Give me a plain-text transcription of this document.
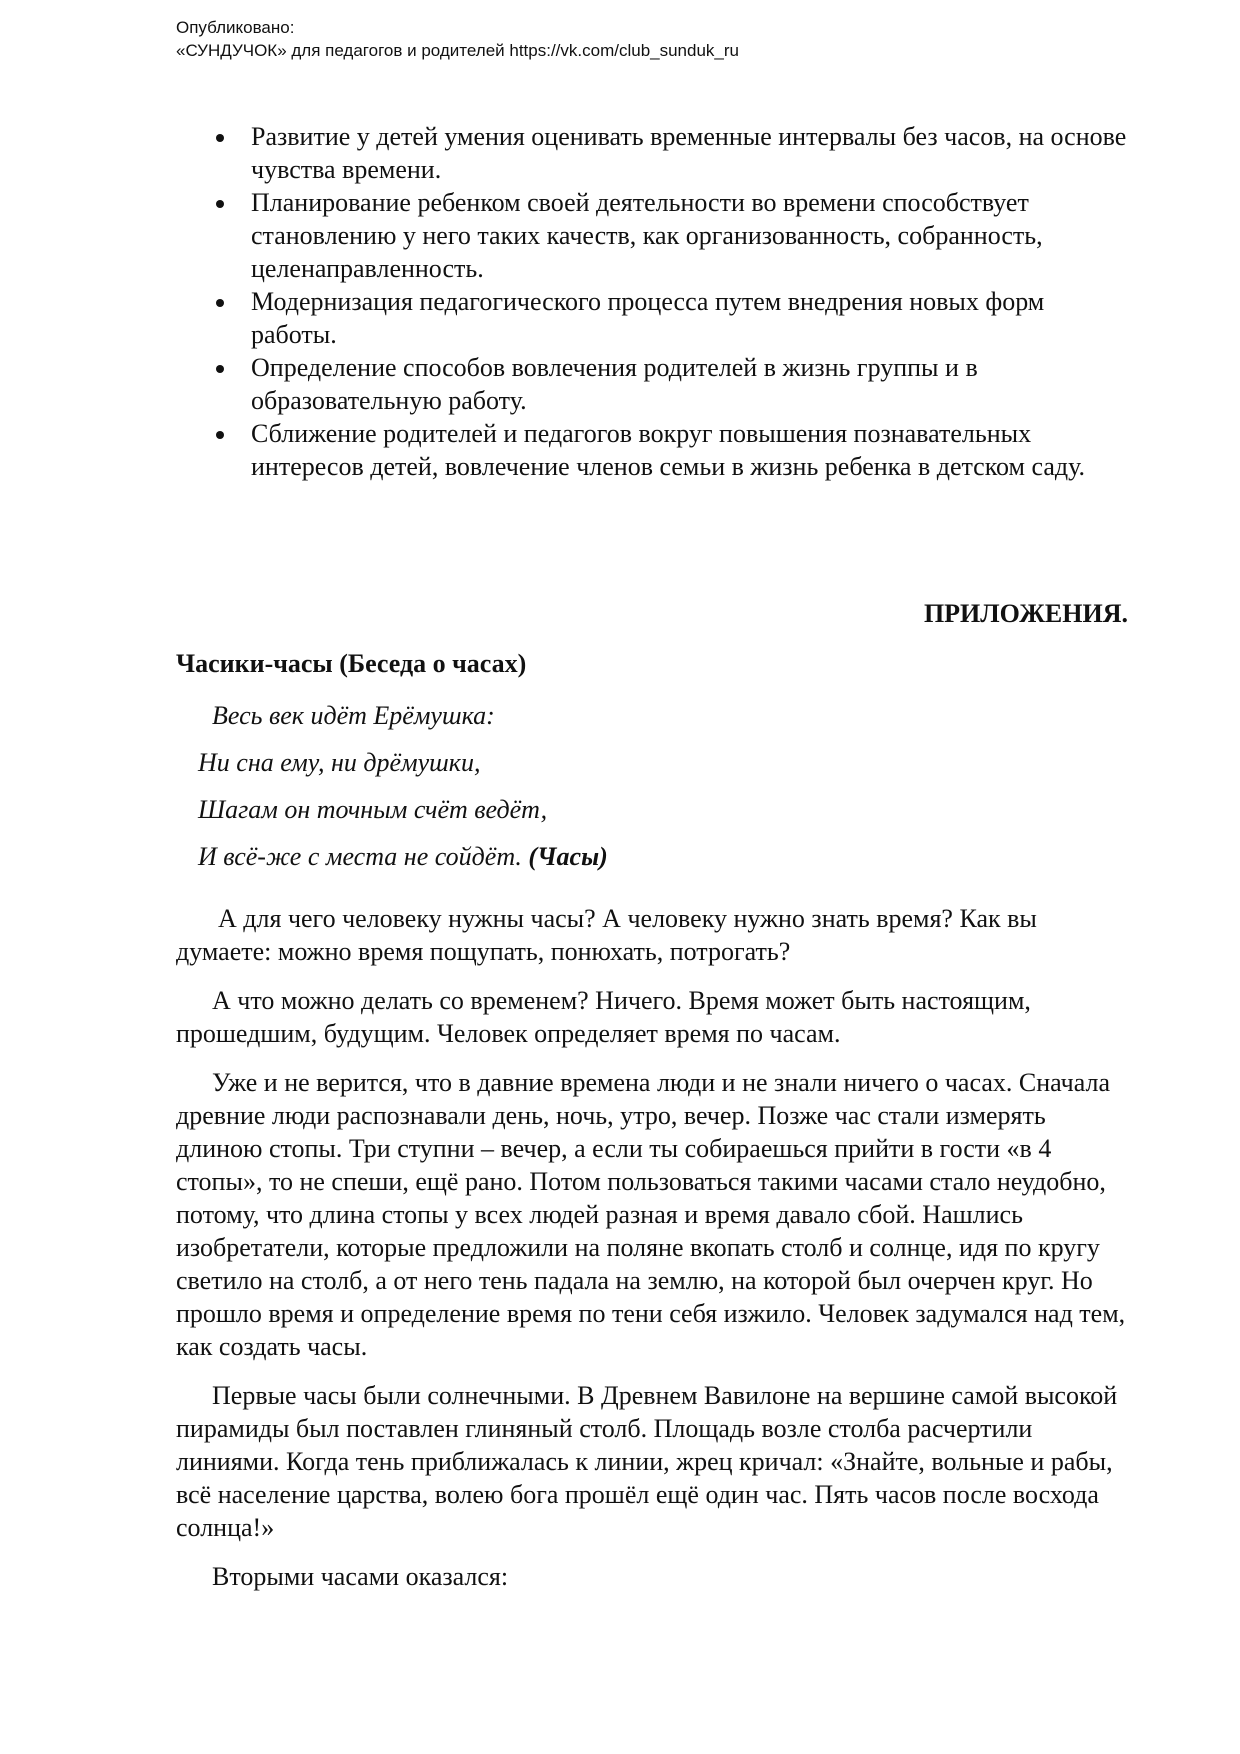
Опубликовано:
«СУНДУЧОК» для педагогов и родителей https://vk.com/club_sunduk_ru
Развитие у детей умения оценивать временные интервалы без часов, на основе чувства времени.
Планирование ребенком своей деятельности во времени способствует становлению у него таких качеств, как организованность, собранность, целенаправленность.
Модернизация педагогического процесса путем внедрения новых форм работы.
Определение способов вовлечения родителей в жизнь группы и в образовательную работу.
Сближение родителей и педагогов вокруг повышения познавательных интересов детей, вовлечение членов семьи в жизнь ребенка в детском саду.
ПРИЛОЖЕНИЯ.
Часики-часы (Беседа о часах)
Весь век идёт Ерёмушка:
Ни сна ему, ни дрёмушки,
Шагам он точным счёт ведёт,
И всё-же с места не сойдёт. (Часы)

А для чего человеку нужны часы? А человеку нужно знать время? Как вы думаете: можно время пощупать, понюхать, потрогать?

А что можно делать со временем? Ничего. Время может быть настоящим, прошедшим, будущим. Человек определяет время по часам.

Уже и не верится, что в давние времена люди и не знали ничего о часах. Сначала древние люди распознавали день, ночь, утро, вечер. Позже час стали измерять длиною стопы. Три ступни – вечер, а если ты собираешься прийти в гости «в 4 стопы», то не спеши, ещё рано. Потом пользоваться такими часами стало неудобно, потому, что длина стопы у всех людей разная и время давало сбой. Нашлись изобретатели, которые предложили на поляне вкопать столб и солнце, идя по кругу светило на столб, а от него тень падала на землю, на которой был очерчен круг. Но прошло время и определение время по тени себя изжило. Человек задумался над тем, как создать часы.

Первые часы были солнечными. В Древнем Вавилоне на вершине самой высокой пирамиды был поставлен глиняный столб. Площадь возле столба расчертили линиями. Когда тень приближалась к линии, жрец кричал: «Знайте, вольные и рабы, всё население царства, волею бога прошёл ещё один час. Пять часов после восхода солнца!»

Вторыми часами оказался:
